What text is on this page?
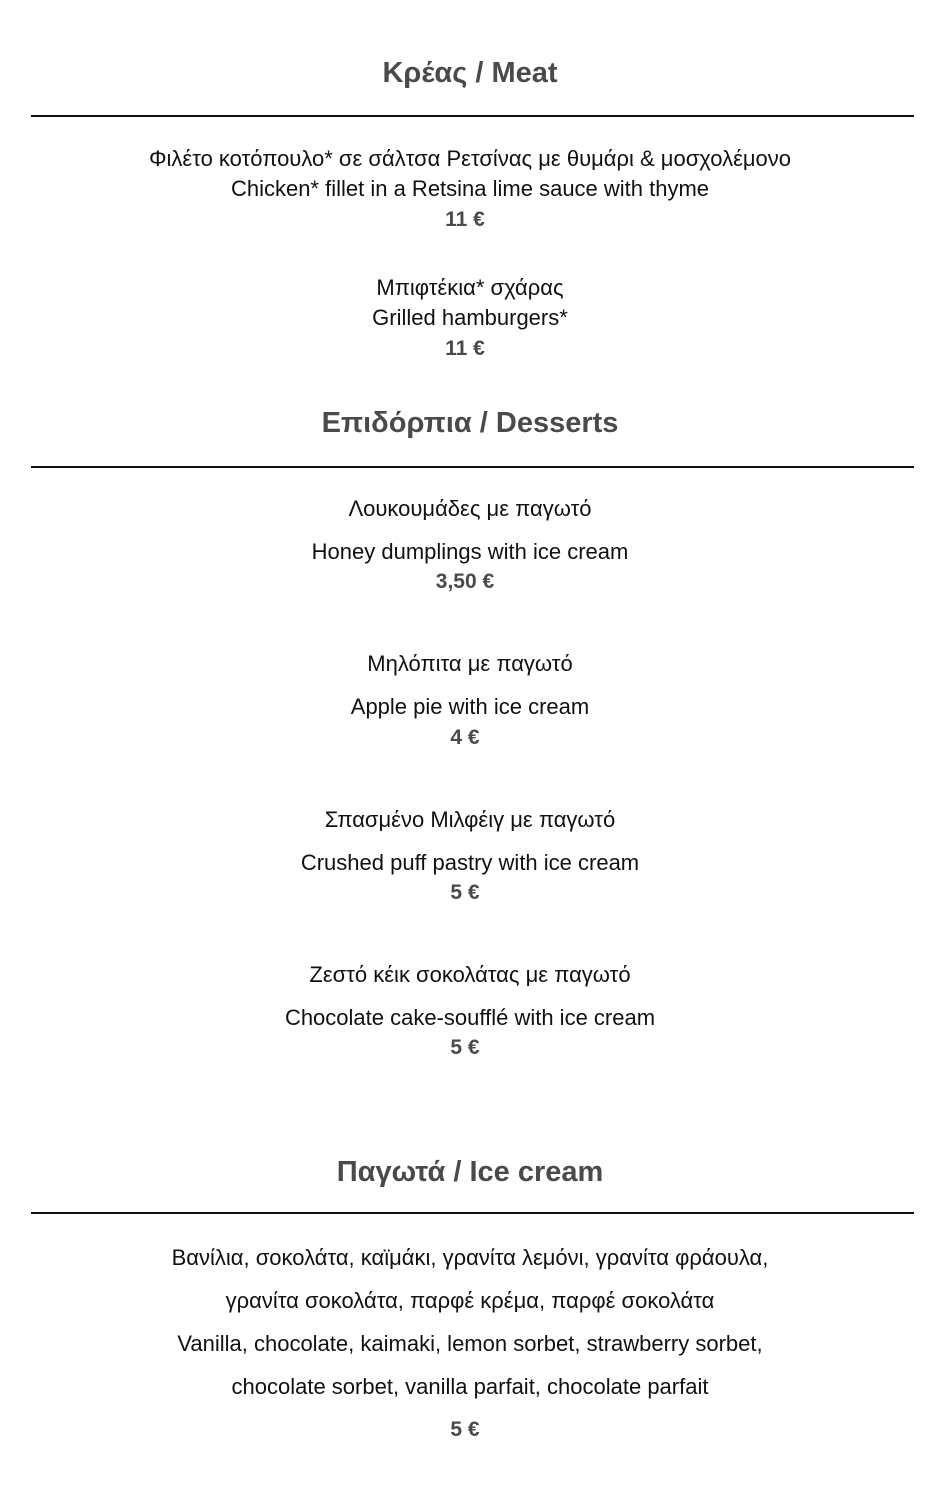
Κρέας / Meat
Φιλέτο κοτόπουλο* σε σάλτσα Ρετσίνας με θυμάρι & μοσχολέμονο
Chicken* fillet in a Retsina lime sauce with thyme
11 €
Μπιφτέκια* σχάρας
Grilled hamburgers*
11 €
Επιδόρπια / Desserts
Λουκουμάδες με παγωτό
Honey dumplings with ice cream
3,50 €
Μηλόπιτα με παγωτό
Apple pie with ice cream
4 €
Σπασμένο Μιλφέιγ με παγωτό
Crushed puff pastry with ice cream
5 €
Ζεστό κέικ σοκολάτας με παγωτό
Chocolate cake-soufflé with ice cream
5 €
Παγωτά / Ice cream
Βανίλια, σοκολάτα, καϊμάκι, γρανίτα λεμόνι, γρανίτα φράουλα,
γρανίτα σοκολάτα, παρφέ κρέμα, παρφέ σοκολάτα
Vanilla, chocolate, kaimaki, lemon sorbet, strawberry sorbet,
chocolate sorbet, vanilla parfait, chocolate parfait
5 €
